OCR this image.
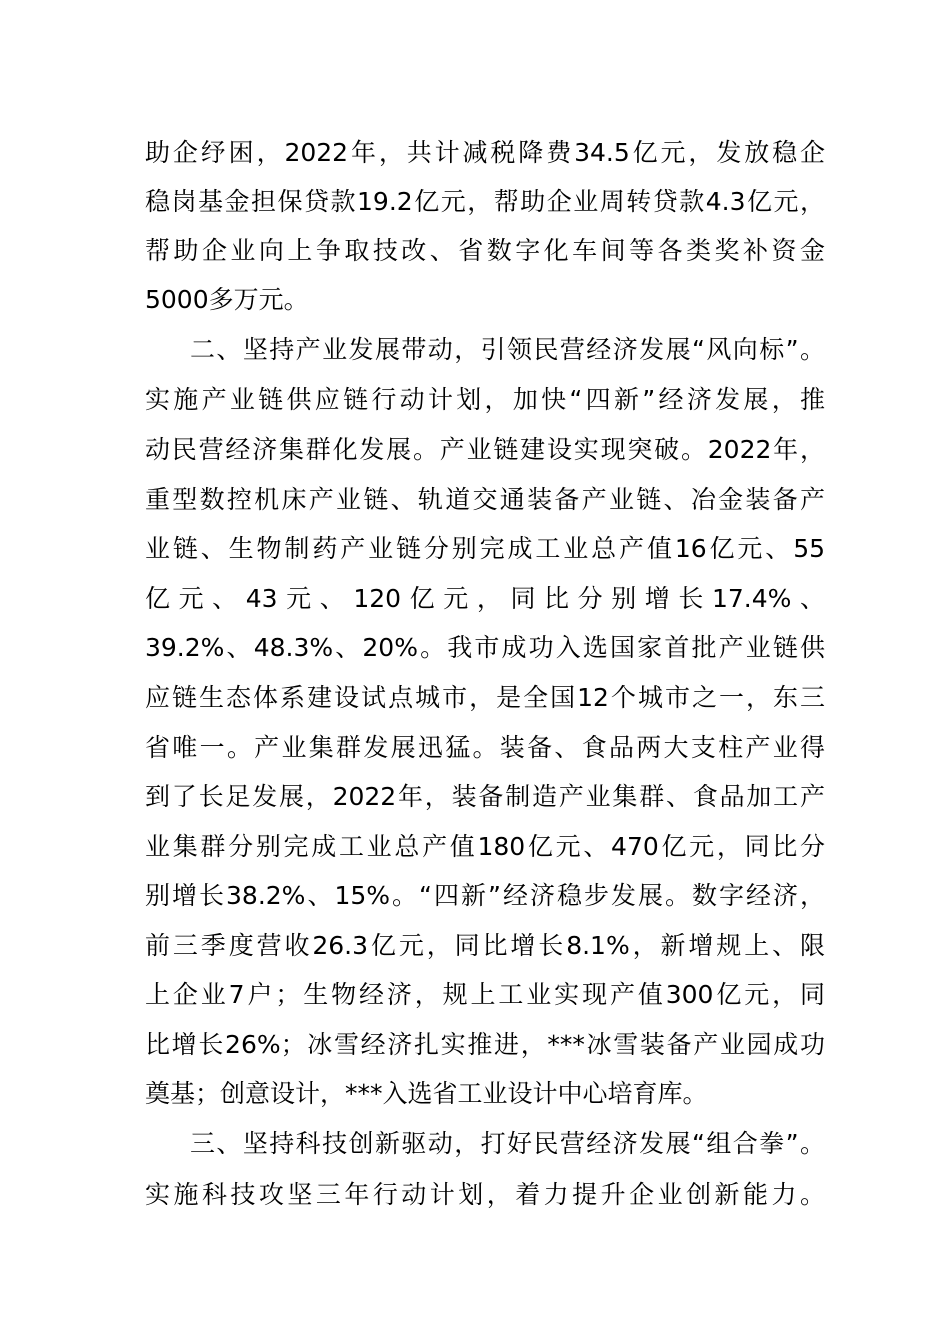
助企纾困，2022年，共计减税降费34.5亿元，发放稳企
稳岗基金担保贷款19.2亿元，帮助企业周转贷款4.3亿元，
帮助企业向上争取技改、省数字化车间等各类奖补资金
5000多万元。
二、坚持产业发展带动，引领民营经济发展“风向标”。
实施产业链供应链行动计划，加快“四新”经济发展，推
动民营经济集群化发展。产业链建设实现突破。2022年，
重型数控机床产业链、轨道交通装备产业链、冶金装备产
业链、生物制药产业链分别完成工业总产值16亿元、55
亿元、43元、120亿元，同比分别增长17.4%、
39.2%、48.3%、20%。我市成功入选国家首批产业链供
应链生态体系建设试点城市，是全国12个城市之一，东三
省唯一。产业集群发展迅猛。装备、食品两大支柱产业得
到了长足发展，2022年，装备制造产业集群、食品加工产
业集群分别完成工业总产值180亿元、470亿元，同比分
别增长38.2%、15%。“四新”经济稳步发展。数字经济，
前三季度营收26.3亿元，同比增长8.1%，新增规上、限
上企业7户；生物经济，规上工业实现产值300亿元，同
比增长26%；冰雪经济扎实推进，***冰雪装备产业园成功
奠基；创意设计，***入选省工业设计中心培育库。
三、坚持科技创新驱动，打好民营经济发展“组合拳”。
实施科技攻坚三年行动计划，着力提升企业创新能力。
